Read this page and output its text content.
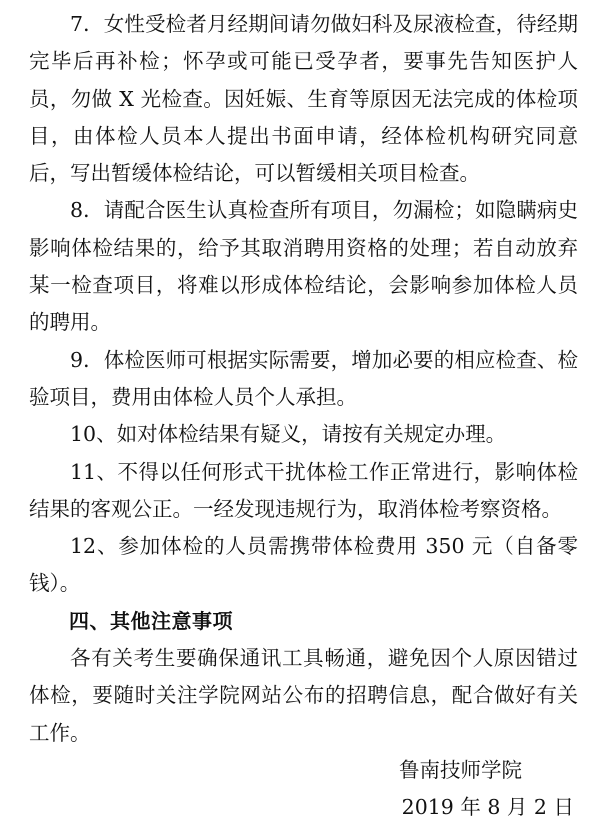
7．女性受检者月经期间请勿做妇科及尿液检查，待经期完毕后再补检；怀孕或可能已受孕者，要事先告知医护人员，勿做 X 光检查。因妊娠、生育等原因无法完成的体检项目，由体检人员本人提出书面申请，经体检机构研究同意后，写出暂缓体检结论，可以暂缓相关项目检查。

8．请配合医生认真检查所有项目，勿漏检；如隐瞒病史影响体检结果的，给予其取消聘用资格的处理；若自动放弃某一检查项目，将难以形成体检结论，会影响参加体检人员的聘用。

9．体检医师可根据实际需要，增加必要的相应检查、检验项目，费用由体检人员个人承担。

10、如对体检结果有疑义，请按有关规定办理。

11、不得以任何形式干扰体检工作正常进行，影响体检结果的客观公正。一经发现违规行为，取消体检考察资格。

12、参加体检的人员需携带体检费用 350 元（自备零钱）。

四、其他注意事项

各有关考生要确保通讯工具畅通，避免因个人原因错过体检，要随时关注学院网站公布的招聘信息，配合做好有关工作。

鲁南技师学院

2019 年 8 月 2 日
